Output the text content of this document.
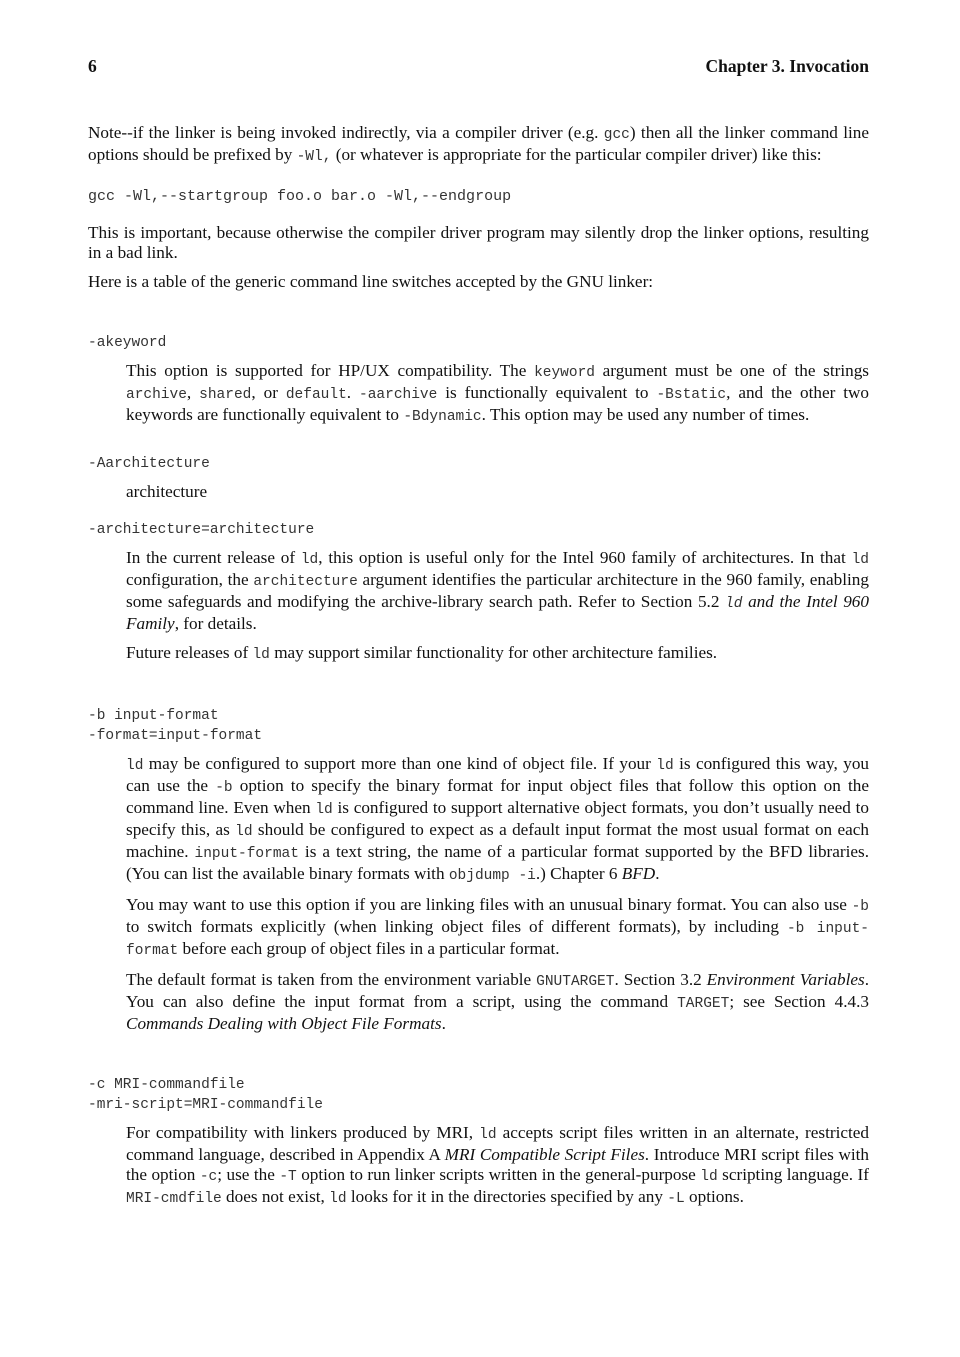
6	Chapter 3. Invocation

Note--if the linker is being invoked indirectly, via a compiler driver (e.g. gcc) then all the linker command line options should be prefixed by -Wl, (or whatever is appropriate for the particular compiler driver) like this:

gcc -Wl,--startgroup foo.o bar.o -Wl,--endgroup

This is important, because otherwise the compiler driver program may silently drop the linker options, resulting in a bad link.

Here is a table of the generic command line switches accepted by the GNU linker:

-akeyword

This option is supported for HP/UX compatibility. The keyword argument must be one of the strings archive, shared, or default. -aarchive is functionally equivalent to -Bstatic, and the other two keywords are functionally equivalent to -Bdynamic. This option may be used any number of times.

-Aarchitecture

architecture

-architecture=architecture

In the current release of ld, this option is useful only for the Intel 960 family of architectures. In that ld configuration, the architecture argument identifies the particular architecture in the 960 family, enabling some safeguards and modifying the archive-library search path. Refer to Section 5.2 ld and the Intel 960 Family, for details.

Future releases of ld may support similar functionality for other architecture families.

-b input-format
-format=input-format

ld may be configured to support more than one kind of object file. If your ld is configured this way, you can use the -b option to specify the binary format for input object files that follow this option on the command line. Even when ld is configured to support alternative object formats, you don’t usually need to specify this, as ld should be configured to expect as a default input format the most usual format on each machine. input-format is a text string, the name of a particular format supported by the BFD libraries. (You can list the available binary formats with objdump -i.) Chapter 6 BFD.

You may want to use this option if you are linking files with an unusual binary format. You can also use -b to switch formats explicitly (when linking object files of different formats), by including -b input-format before each group of object files in a particular format.

The default format is taken from the environment variable GNUTARGET. Section 3.2 Environment Variables. You can also define the input format from a script, using the command TARGET; see Section 4.4.3 Commands Dealing with Object File Formats.

-c MRI-commandfile
-mri-script=MRI-commandfile

For compatibility with linkers produced by MRI, ld accepts script files written in an alternate, restricted command language, described in Appendix A MRI Compatible Script Files. Introduce MRI script files with the option -c; use the -T option to run linker scripts written in the general-purpose ld scripting language. If MRI-cmdfile does not exist, ld looks for it in the directories specified by any -L options.
